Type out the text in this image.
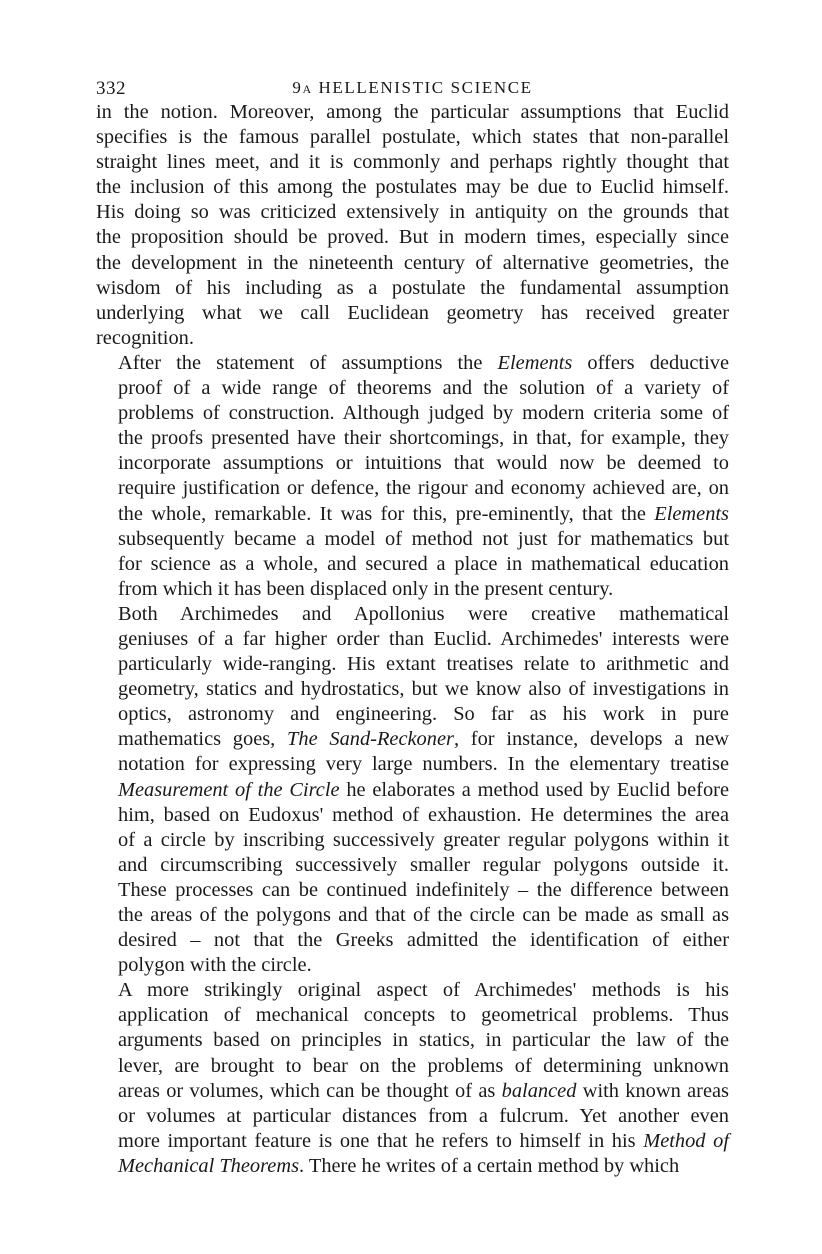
332	9a HELLENISTIC SCIENCE
in the notion. Moreover, among the particular assumptions that Euclid
specifies is the famous parallel postulate, which states that non-parallel
straight lines meet, and it is commonly and perhaps rightly thought that
the inclusion of this among the postulates may be due to Euclid himself.
His doing so was criticized extensively in antiquity on the grounds that
the proposition should be proved. But in modern times, especially since
the development in the nineteenth century of alternative geometries, the
wisdom of his including as a postulate the fundamental assumption
underlying what we call Euclidean geometry has received greater
recognition.
After the statement of assumptions the Elements offers deductive
proof of a wide range of theorems and the solution of a variety of
problems of construction. Although judged by modern criteria some of
the proofs presented have their shortcomings, in that, for example, they
incorporate assumptions or intuitions that would now be deemed to
require justification or defence, the rigour and economy achieved are, on
the whole, remarkable. It was for this, pre-eminently, that the Elements
subsequently became a model of method not just for mathematics but
for science as a whole, and secured a place in mathematical education
from which it has been displaced only in the present century.
Both Archimedes and Apollonius were creative mathematical
geniuses of a far higher order than Euclid. Archimedes' interests were
particularly wide-ranging. His extant treatises relate to arithmetic and
geometry, statics and hydrostatics, but we know also of investigations in
optics, astronomy and engineering. So far as his work in pure
mathematics goes, The Sand-Reckoner, for instance, develops a new
notation for expressing very large numbers. In the elementary treatise
Measurement of the Circle he elaborates a method used by Euclid before
him, based on Eudoxus' method of exhaustion. He determines the area
of a circle by inscribing successively greater regular polygons within it
and circumscribing successively smaller regular polygons outside it.
These processes can be continued indefinitely – the difference between
the areas of the polygons and that of the circle can be made as small as
desired – not that the Greeks admitted the identification of either
polygon with the circle.
A more strikingly original aspect of Archimedes' methods is his
application of mechanical concepts to geometrical problems. Thus
arguments based on principles in statics, in particular the law of the
lever, are brought to bear on the problems of determining unknown
areas or volumes, which can be thought of as balanced with known areas
or volumes at particular distances from a fulcrum. Yet another even
more important feature is one that he refers to himself in his Method of
Mechanical Theorems. There he writes of a certain method by which
